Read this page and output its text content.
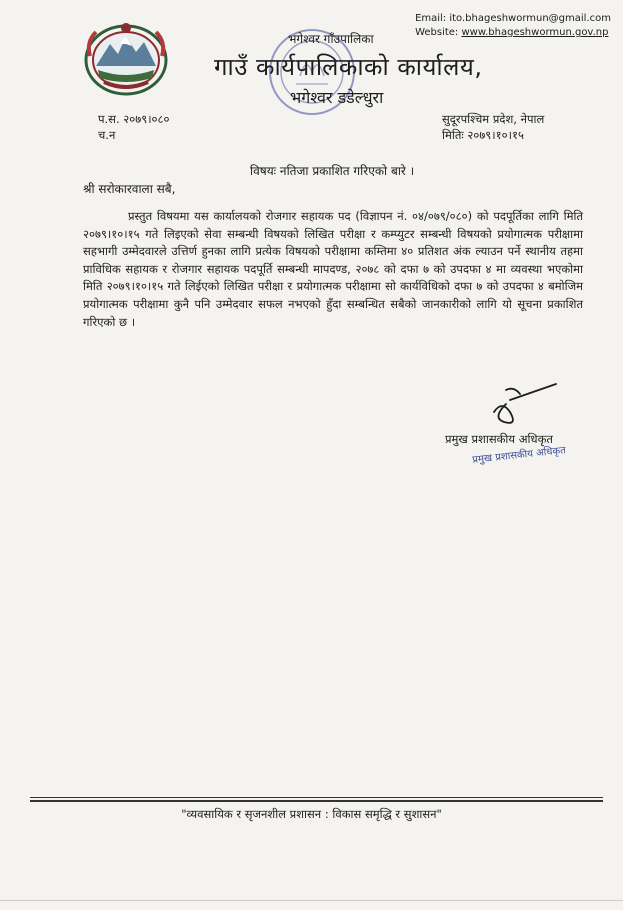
Email: ito.bhageshwormun@gmail.com
Website: www.bhageshwormun.gov.np
भगेश्वर गाँउपालिका
गाउँ कार्यपालिकाको कार्यालय,
भगेश्वर डडेल्धुरा
प.स. २०७९।०८०
च.न
सुदूरपश्चिम प्रदेश, नेपाल
मितिः २०७९।१०।१५
विषयः नतिजा प्रकाशित गरिएको बारे ।
श्री सरोकारवाला सबै,
प्रस्तुत विषयमा यस कार्यालयको रोजगार सहायक पद (विज्ञापन नं. ०४/०७९/०८०) को पदपूर्तिका लागि मिति २०७९।१०।१५ गते लिइएको सेवा सम्बन्धी विषयको लिखित परीक्षा र कम्प्युटर सम्बन्धी विषयको प्रयोगात्मक परीक्षामा सहभागी उम्मेदवारले उत्तिर्ण हुनका लागि प्रत्येक विषयको परीक्षामा कम्तिमा ४० प्रतिशत अंक ल्याउन पर्ने स्थानीय तहमा प्राविधिक सहायक र रोजगार सहायक पदपूर्ति सम्बन्धी मापदण्ड, २०७८ को दफा ७ को उपदफा ४ मा व्यवस्था भएकोमा मिति २०७९।१०।१५ गते लिईएको लिखित परीक्षा र प्रयोगात्मक परीक्षामा सो कार्यविधिको दफा ७ को उपदफा ४ बमोजिम प्रयोगात्मक परीक्षामा कुनै पनि उम्मेदवार सफल नभएको हुँदा सम्बन्धित सबैको जानकारीको लागि यो सूचना प्रकाशित गरिएको छ ।
प्रमुख प्रशासकीय अधिकृत
प्रमुख प्रशासकीय अधिकृत
"व्यवसायिक र सृजनशील प्रशासन : विकास समृद्धि र सुशासन"
